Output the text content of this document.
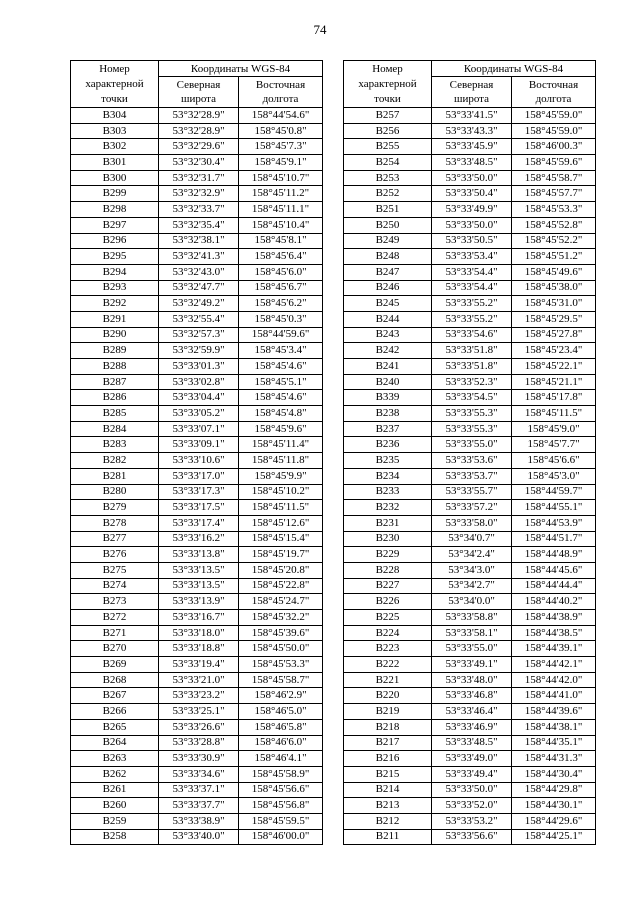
74
Номер характерной точки	Координаты WGS-84	
	Северная широта	Восточная долгота
В304	53°32'28.9"	158°44'54.6"
В303	53°32'28.9"	158°45'0.8"
В302	53°32'29.6"	158°45'7.3"
В301	53°32'30.4"	158°45'9.1"
В300	53°32'31.7"	158°45'10.7"
В299	53°32'32.9"	158°45'11.2"
В298	53°32'33.7"	158°45'11.1"
В297	53°32'35.4"	158°45'10.4"
В296	53°32'38.1"	158°45'8.1"
В295	53°32'41.3"	158°45'6.4"
В294	53°32'43.0"	158°45'6.0"
В293	53°32'47.7"	158°45'6.7"
В292	53°32'49.2"	158°45'6.2"
В291	53°32'55.4"	158°45'0.3"
В290	53°32'57.3"	158°44'59.6"
В289	53°32'59.9"	158°45'3.4"
В288	53°33'01.3"	158°45'4.6"
В287	53°33'02.8"	158°45'5.1"
В286	53°33'04.4"	158°45'4.6"
В285	53°33'05.2"	158°45'4.8"
В284	53°33'07.1"	158°45'9.6"
В283	53°33'09.1"	158°45'11.4"
В282	53°33'10.6"	158°45'11.8"
В281	53°33'17.0"	158°45'9.9"
В280	53°33'17.3"	158°45'10.2"
В279	53°33'17.5"	158°45'11.5"
В278	53°33'17.4"	158°45'12.6"
В277	53°33'16.2"	158°45'15.4"
В276	53°33'13.8"	158°45'19.7"
В275	53°33'13.5"	158°45'20.8"
В274	53°33'13.5"	158°45'22.8"
В273	53°33'13.9"	158°45'24.7"
В272	53°33'16.7"	158°45'32.2"
В271	53°33'18.0"	158°45'39.6"
В270	53°33'18.8"	158°45'50.0"
В269	53°33'19.4"	158°45'53.3"
В268	53°33'21.0"	158°45'58.7"
В267	53°33'23.2"	158°46'2.9"
В266	53°33'25.1"	158°46'5.0"
В265	53°33'26.6"	158°46'5.8"
В264	53°33'28.8"	158°46'6.0"
В263	53°33'30.9"	158°46'4.1"
В262	53°33'34.6"	158°45'58.9"
В261	53°33'37.1"	158°45'56.6"
В260	53°33'37.7"	158°45'56.8"
В259	53°33'38.9"	158°45'59.5"
В258	53°33'40.0"	158°46'00.0"
Номер характерной точки	Координаты WGS-84	
	Северная широта	Восточная долгота
В257	53°33'41.5"	158°45'59.0"
В256	53°33'43.3"	158°45'59.0"
В255	53°33'45.9"	158°46'00.3"
В254	53°33'48.5"	158°45'59.6"
В253	53°33'50.0"	158°45'58.7"
В252	53°33'50.4"	158°45'57.7"
В251	53°33'49.9"	158°45'53.3"
В250	53°33'50.0"	158°45'52.8"
В249	53°33'50.5"	158°45'52.2"
В248	53°33'53.4"	158°45'51.2"
В247	53°33'54.4"	158°45'49.6"
В246	53°33'54.4"	158°45'38.0"
В245	53°33'55.2"	158°45'31.0"
В244	53°33'55.2"	158°45'29.5"
В243	53°33'54.6"	158°45'27.8"
В242	53°33'51.8"	158°45'23.4"
В241	53°33'51.8"	158°45'22.1"
В240	53°33'52.3"	158°45'21.1"
В339	53°33'54.5"	158°45'17.8"
В238	53°33'55.3"	158°45'11.5"
В237	53°33'55.3"	158°45'9.0"
В236	53°33'55.0"	158°45'7.7"
В235	53°33'53.6"	158°45'6.6"
В234	53°33'53.7"	158°45'3.0"
В233	53°33'55.7"	158°44'59.7"
В232	53°33'57.2"	158°44'55.1"
В231	53°33'58.0"	158°44'53.9"
В230	53°34'0.7"	158°44'51.7"
В229	53°34'2.4"	158°44'48.9"
В228	53°34'3.0"	158°44'45.6"
В227	53°34'2.7"	158°44'44.4"
В226	53°34'0.0"	158°44'40.2"
В225	53°33'58.8"	158°44'38.9"
В224	53°33'58.1"	158°44'38.5"
В223	53°33'55.0"	158°44'39.1"
В222	53°33'49.1"	158°44'42.1"
В221	53°33'48.0"	158°44'42.0"
В220	53°33'46.8"	158°44'41.0"
В219	53°33'46.4"	158°44'39.6"
В218	53°33'46.9"	158°44'38.1"
В217	53°33'48.5"	158°44'35.1"
В216	53°33'49.0"	158°44'31.3"
В215	53°33'49.4"	158°44'30.4"
В214	53°33'50.0"	158°44'29.8"
В213	53°33'52.0"	158°44'30.1"
В212	53°33'53.2"	158°44'29.6"
В211	53°33'56.6"	158°44'25.1"
